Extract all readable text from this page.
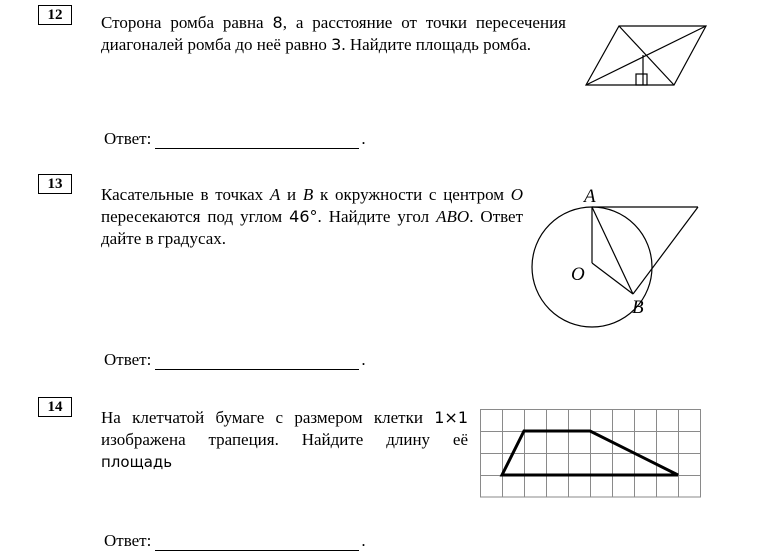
12	Сторона ромба равна 8, а расстояние от точки пересечения диагоналей ромба до неё равно 3. Найдите площадь ромба.
Ответ:	.
13
Касательные в точках A и B к окружности с центром O пересекаются под углом 46°. Найдите угол ABO. Ответ дайте в градусах.
A
O
B
Ответ:	.
14
На клетчатой бумаге с размером клетки 1×1 изображена трапеция. Найдите длину её площадь
Ответ:	.
